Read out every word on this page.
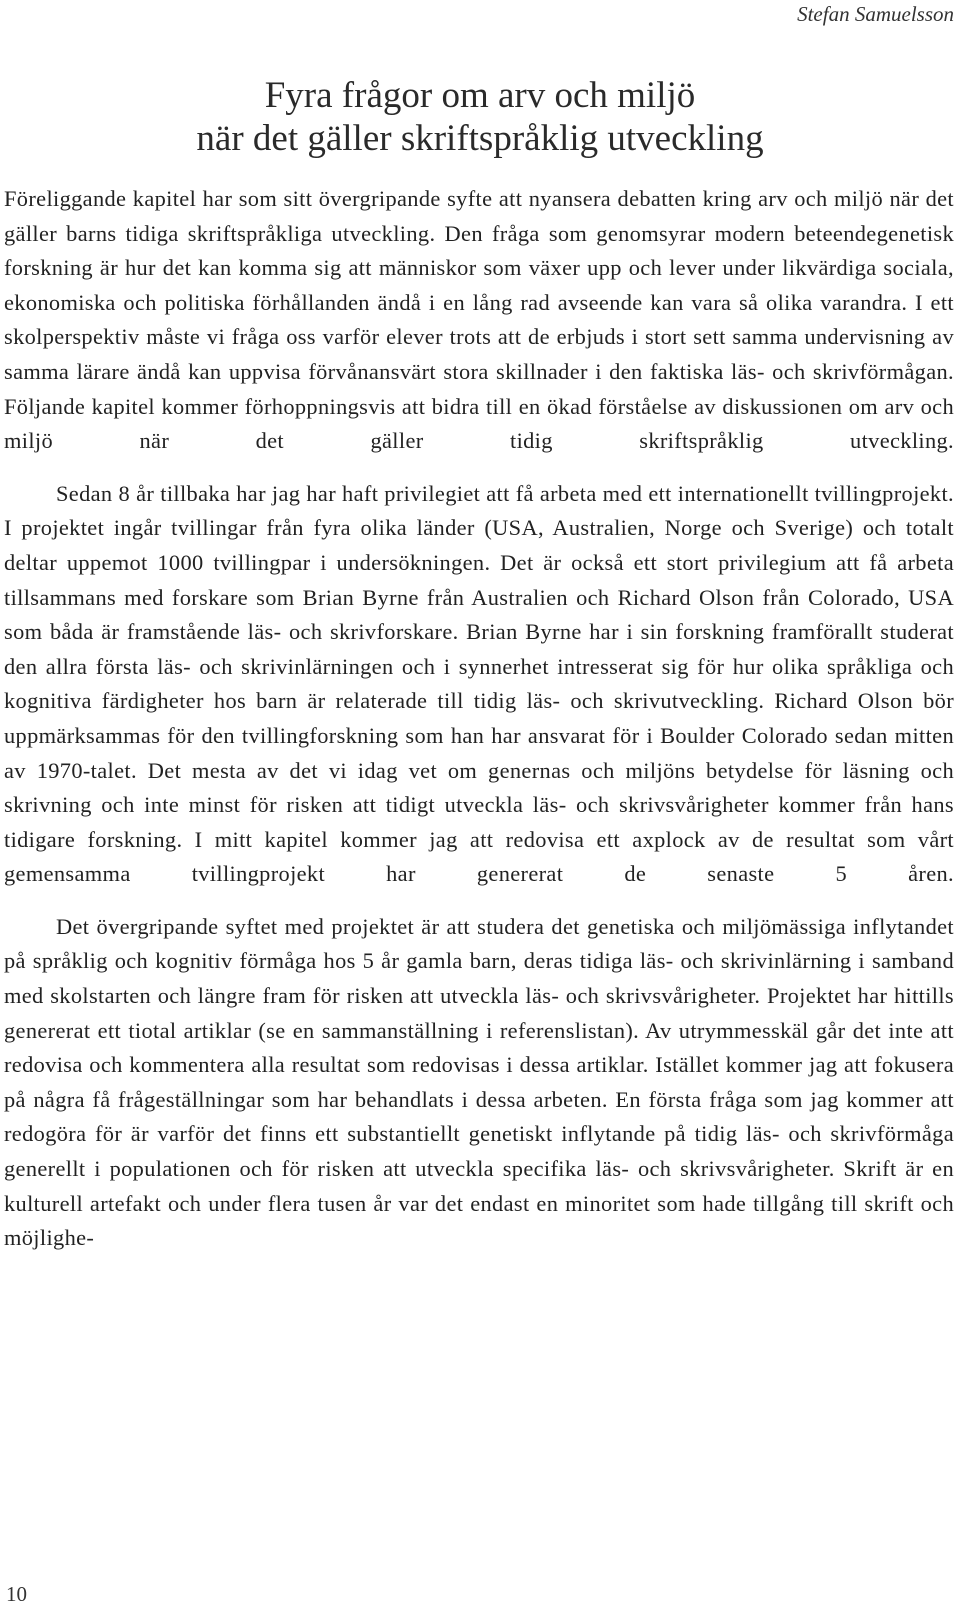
Stefan Samuelsson
Fyra frågor om arv och miljö
när det gäller skriftspråklig utveckling

Föreliggande kapitel har som sitt övergripande syfte att nyansera debatten kring arv och miljö när det gäller barns tidiga skriftspråkliga utveckling. Den fråga som genomsyrar modern beteendegenetisk forskning är hur det kan komma sig att människor som växer upp och lever under likvärdiga sociala, ekonomiska och politiska förhållanden ändå i en lång rad avseende kan vara så olika varandra. I ett skolperspektiv måste vi fråga oss varför elever trots att de erbjuds i stort sett samma undervisning av samma lärare ändå kan uppvisa förvånansvärt stora skillnader i den faktiska läs- och skrivförmågan. Följande kapitel kommer förhoppningsvis att bidra till en ökad förståelse av diskussionen om arv och miljö när det gäller tidig skriftspråklig utveckling.

Sedan 8 år tillbaka har jag har haft privilegiet att få arbeta med ett internationellt tvillingprojekt. I projektet ingår tvillingar från fyra olika länder (USA, Australien, Norge och Sverige) och totalt deltar uppemot 1000 tvillingpar i undersökningen. Det är också ett stort privilegium att få arbeta tillsammans med forskare som Brian Byrne från Australien och Richard Olson från Colorado, USA som båda är framstående läs- och skrivforskare. Brian Byrne har i sin forskning framförallt studerat den allra första läs- och skrivinlärningen och i synnerhet intresserat sig för hur olika språkliga och kognitiva färdigheter hos barn är relaterade till tidig läs- och skrivutveckling. Richard Olson bör uppmärksammas för den tvillingforskning som han har ansvarat för i Boulder Colorado sedan mitten av 1970-talet. Det mesta av det vi idag vet om genernas och miljöns betydelse för läsning och skrivning och inte minst för risken att tidigt utveckla läs- och skrivsvårigheter kommer från hans tidigare forskning. I mitt kapitel kommer jag att redovisa ett axplock av de resultat som vårt gemensamma tvillingprojekt har genererat de senaste 5 åren.

Det övergripande syftet med projektet är att studera det genetiska och miljömässiga inflytandet på språklig och kognitiv förmåga hos 5 år gamla barn, deras tidiga läs- och skrivinlärning i samband med skolstarten och längre fram för risken att utveckla läs- och skrivsvårigheter. Projektet har hittills genererat ett tiotal artiklar (se en sammanställning i referenslistan). Av utrymmesskäl går det inte att redovisa och kommentera alla resultat som redovisas i dessa artiklar. Istället kommer jag att fokusera på några få frågeställningar som har behandlats i dessa arbeten. En första fråga som jag kommer att redogöra för är varför det finns ett substantiellt genetiskt inflytande på tidig läs- och skrivförmåga generellt i populationen och för risken att utveckla specifika läs- och skrivsvårigheter. Skrift är en kulturell artefakt och under flera tusen år var det endast en minoritet som hade tillgång till skrift och möjlighe-

10
